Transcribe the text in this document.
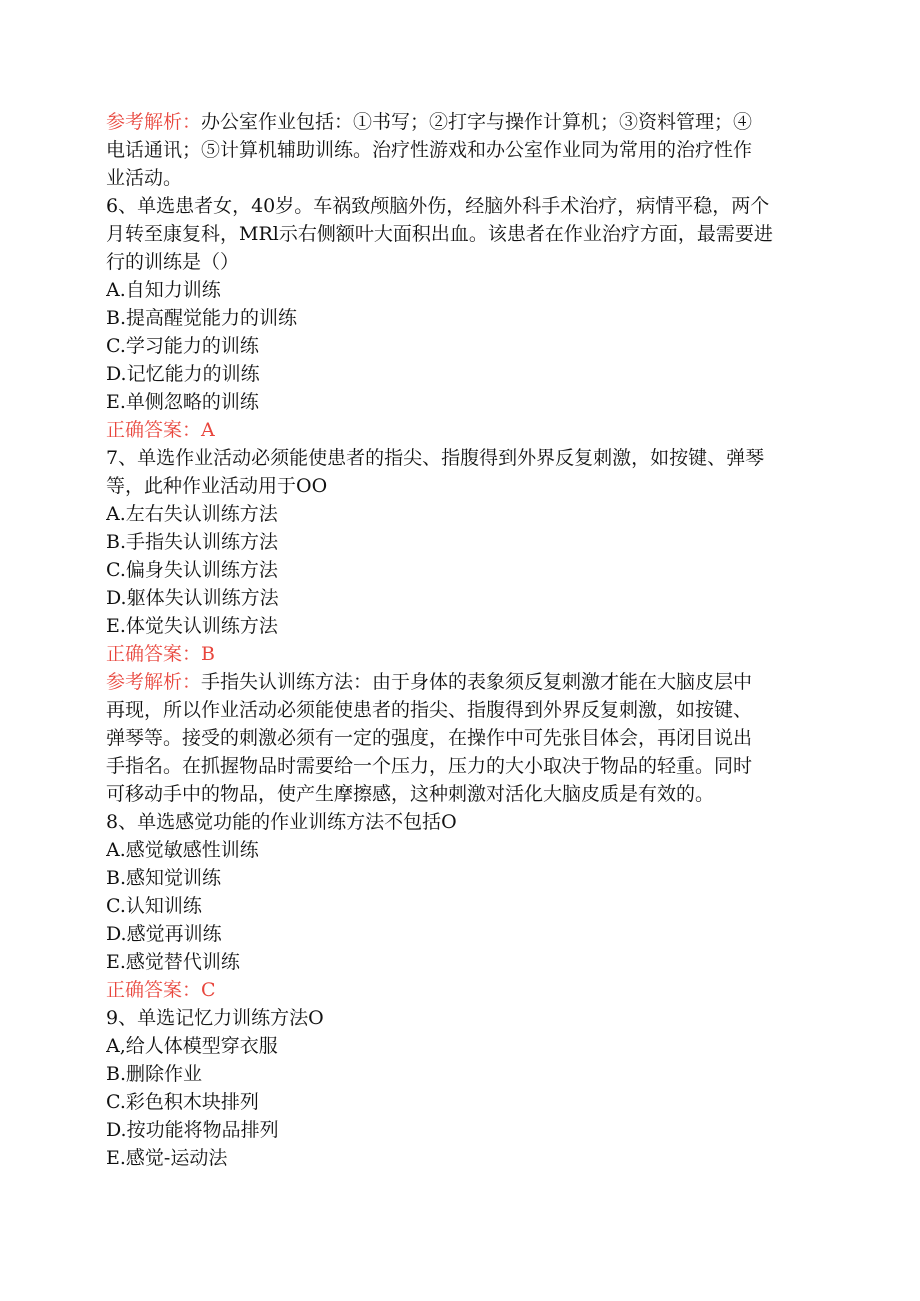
参考解析：办公室作业包括：①书写；②打字与操作计算机；③资料管理；④
电话通讯；⑤计算机辅助训练。治疗性游戏和办公室作业同为常用的治疗性作
业活动。
6、单选患者女，40岁。车祸致颅脑外伤，经脑外科手术治疗，病情平稳，两个
月转至康复科，MRl示右侧额叶大面积出血。该患者在作业治疗方面，最需要进
行的训练是（）
A.自知力训练
B.提高醒觉能力的训练
C.学习能力的训练
D.记忆能力的训练
E.单侧忽略的训练
正确答案：A
7、单选作业活动必须能使患者的指尖、指腹得到外界反复刺激，如按键、弹琴
等，此种作业活动用于OO
A.左右失认训练方法
B.手指失认训练方法
C.偏身失认训练方法
D.躯体失认训练方法
E.体觉失认训练方法
正确答案：B
参考解析：手指失认训练方法：由于身体的表象须反复刺激才能在大脑皮层中
再现，所以作业活动必须能使患者的指尖、指腹得到外界反复刺激，如按键、
弹琴等。接受的刺激必须有一定的强度，在操作中可先张目体会，再闭目说出
手指名。在抓握物品时需要给一个压力，压力的大小取决于物品的轻重。同时
可移动手中的物品，使产生摩擦感，这种刺激对活化大脑皮质是有效的。
8、单选感觉功能的作业训练方法不包括O
A.感觉敏感性训练
B.感知觉训练
C.认知训练
D.感觉再训练
E.感觉替代训练
正确答案：C
9、单选记忆力训练方法O
A,给人体模型穿衣服
B.删除作业
C.彩色积木块排列
D.按功能将物品排列
E.感觉-运动法
